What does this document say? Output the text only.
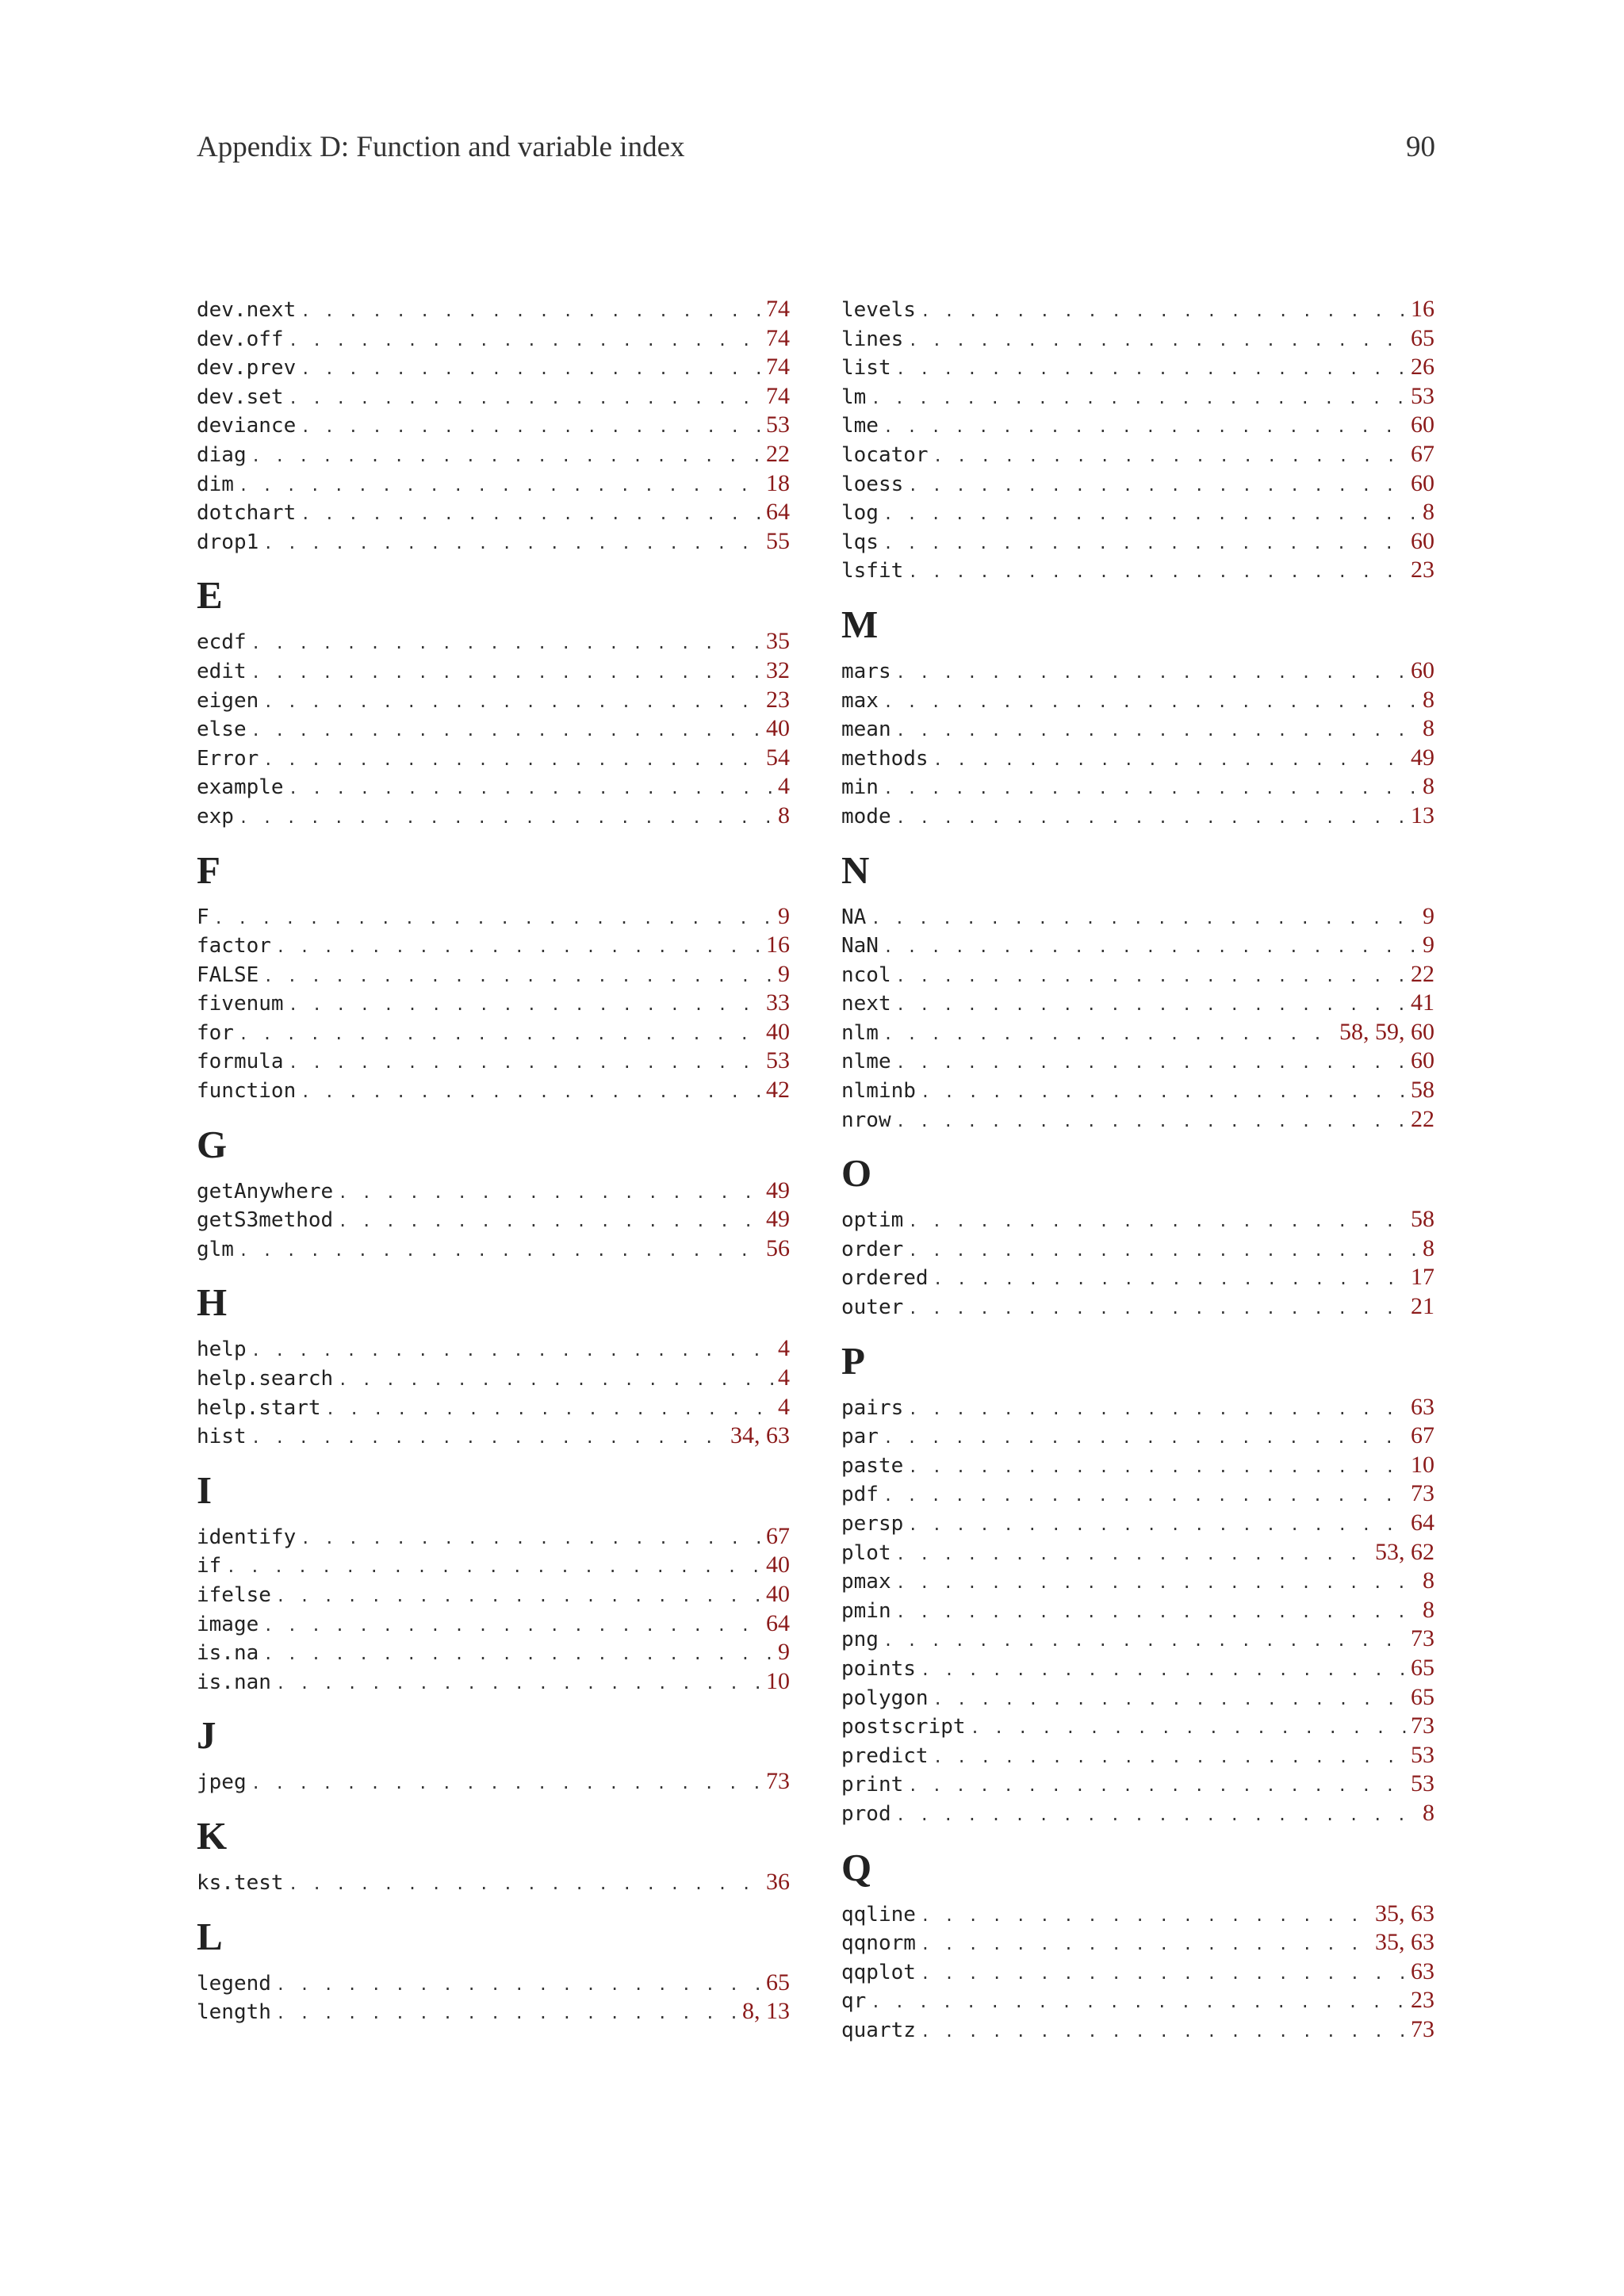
Appendix D: Function and variable index	90
dev.next . . .	74
dev.off . . .	74
dev.prev . . .	74
dev.set . . .	74
deviance . . .	53
diag . . .	22
dim . . .	18
dotchart . . .	64
drop1 . . .	55
E
ecdf . . .	35
edit . . .	32
eigen . . .	23
else . . .	40
Error . . .	54
example . . .	4
exp . . .	8
F
F . . .	9
factor . . .	16
FALSE . . .	9
fivenum . . .	33
for . . .	40
formula . . .	53
function . . .	42
G
getAnywhere . . .	49
getS3method . . .	49
glm . . .	56
H
help . . .	4
help.search . . .	4
help.start . . .	4
hist . . .	34, 63
I
identify . . .	67
if . . .	40
ifelse . . .	40
image . . .	64
is.na . . .	9
is.nan . . .	10
J
jpeg . . .	73
K
ks.test . . .	36
L
legend . . .	65
length . . .	8, 13
levels . . .	16
lines . . .	65
list . . .	26
lm . . .	53
lme . . .	60
locator . . .	67
loess . . .	60
log . . .	8
lqs . . .	60
lsfit . . .	23
M
mars . . .	60
max . . .	8
mean . . .	8
methods . . .	49
min . . .	8
mode . . .	13
N
NA . . .	9
NaN . . .	9
ncol . . .	22
next . . .	41
nlm . . .	58, 59, 60
nlme . . .	60
nlminb . . .	58
nrow . . .	22
O
optim . . .	58
order . . .	8
ordered . . .	17
outer . . .	21
P
pairs . . .	63
par . . .	67
paste . . .	10
pdf . . .	73
persp . . .	64
plot . . .	53, 62
pmax . . .	8
pmin . . .	8
png . . .	73
points . . .	65
polygon . . .	65
postscript . . .	73
predict . . .	53
print . . .	53
prod . . .	8
Q
qqline . . .	35, 63
qqnorm . . .	35, 63
qqplot . . .	63
qr . . .	23
quartz . . .	73
